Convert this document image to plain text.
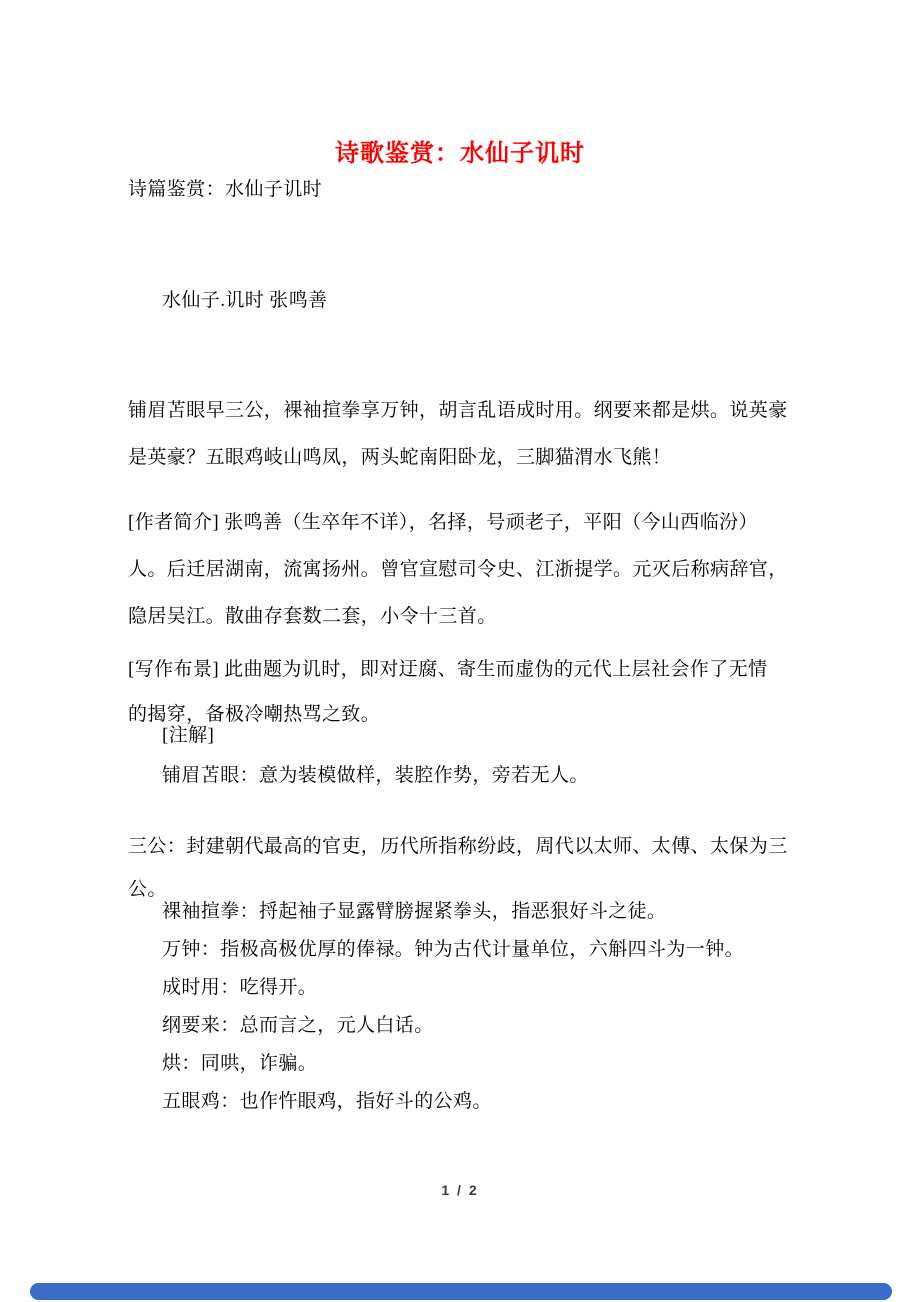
诗歌鉴赏：水仙子讥时
诗篇鉴赏：水仙子讥时
水仙子.讥时 张鸣善
铺眉苫眼早三公，裸袖揎拳享万钟，胡言乱语成时用。纲要来都是烘。说英豪
是英豪？五眼鸡岐山鸣凤，两头蛇南阳卧龙，三脚猫渭水飞熊！
[作者简介] 张鸣善（生卒年不详），名择，号顽老子，平阳（今山西临汾）
人。后迁居湖南，流寓扬州。曾官宣慰司令史、江浙提学。元灭后称病辞官，
隐居吴江。散曲存套数二套，小令十三首。
[写作布景] 此曲题为讥时，即对迂腐、寄生而虚伪的元代上层社会作了无情
的揭穿，备极冷嘲热骂之致。
[注解]
铺眉苫眼：意为装模做样，装腔作势，旁若无人。
三公：封建朝代最高的官吏，历代所指称纷歧，周代以太师、太傅、太保为三
公。
裸袖揎拳：捋起袖子显露臂膀握紧拳头，指恶狠好斗之徒。
万钟：指极高极优厚的俸禄。钟为古代计量单位，六斛四斗为一钟。
成时用：吃得开。
纲要来：总而言之，元人白话。
烘：同哄，诈骗。
五眼鸡：也作忤眼鸡，指好斗的公鸡。
1 / 2
